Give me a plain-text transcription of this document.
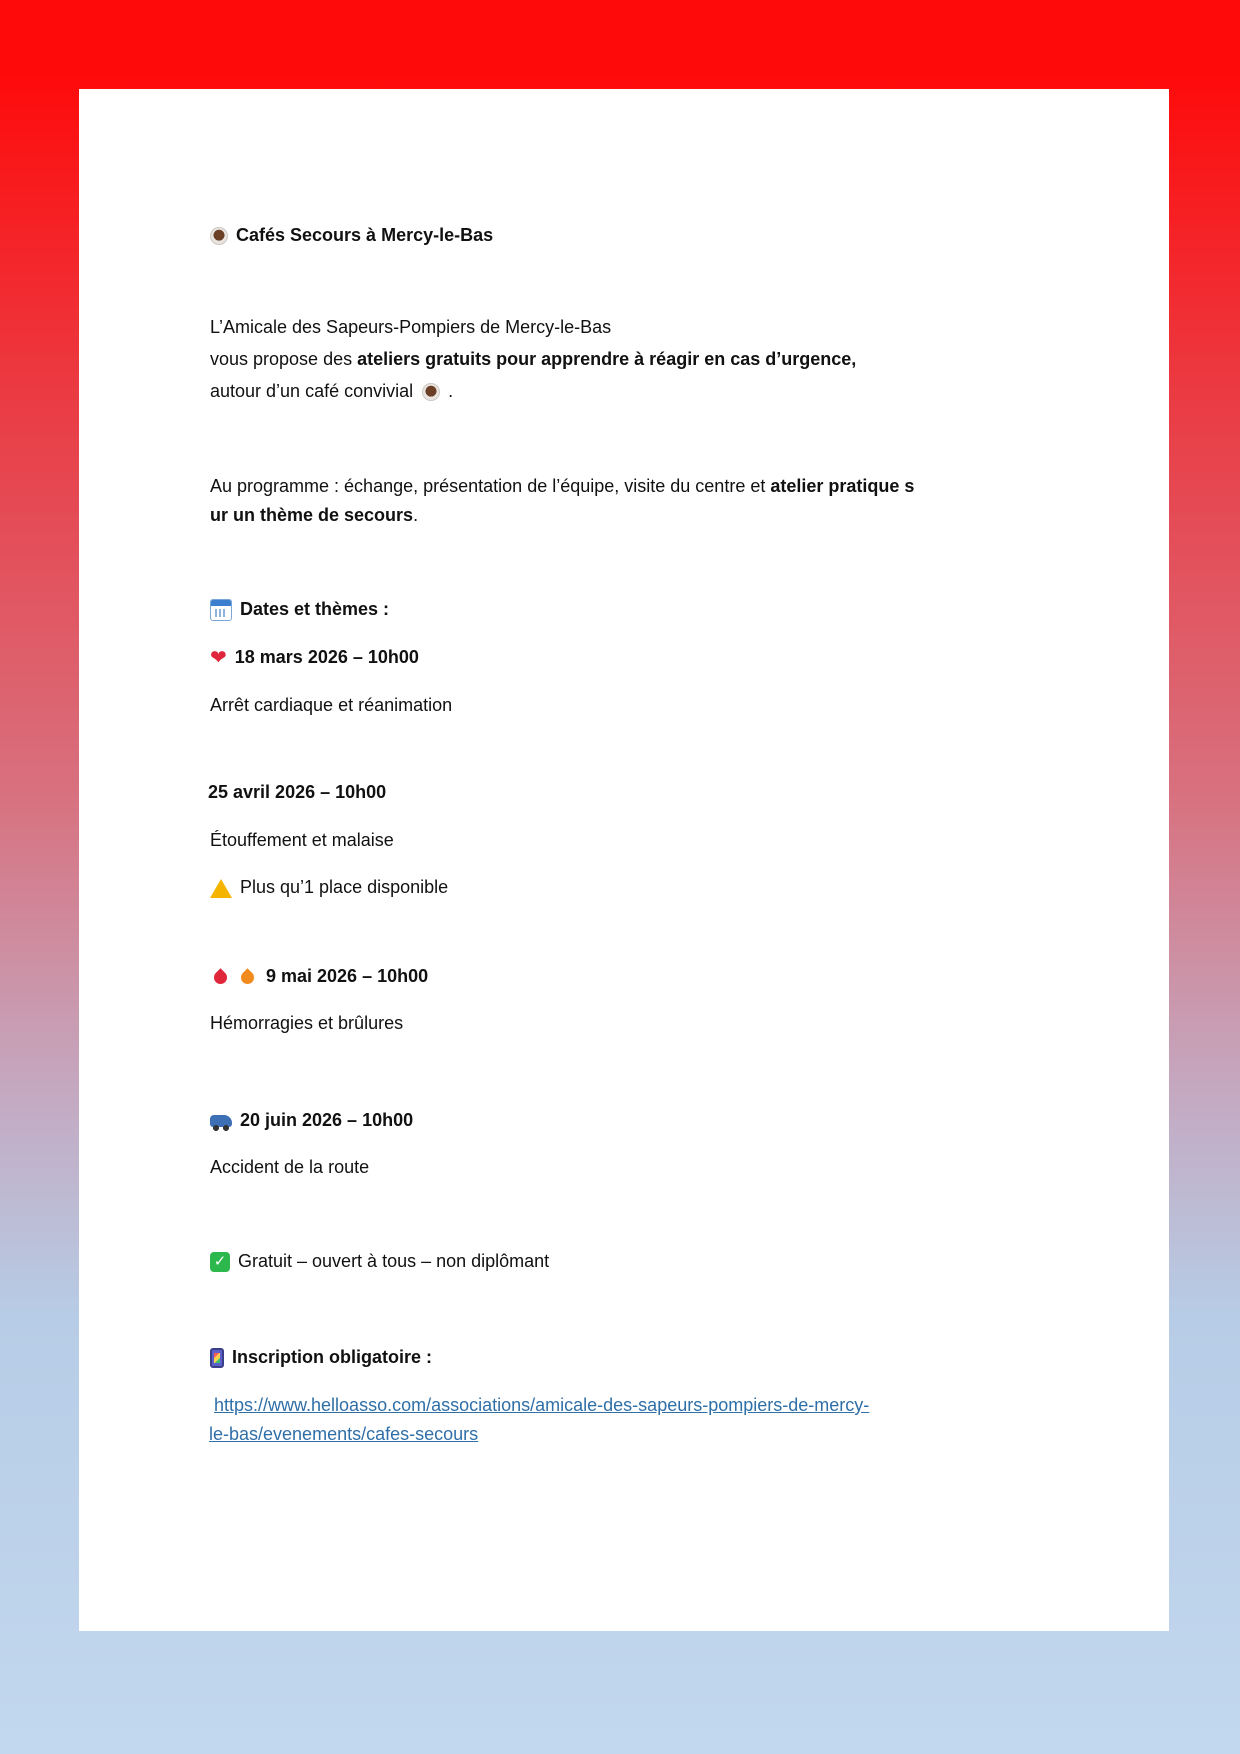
Cafés Secours à Mercy-le-Bas
L’Amicale des Sapeurs-Pompiers de Mercy-le-Bas
vous propose des ateliers gratuits pour apprendre à réagir en cas d’urgence,
autour d’un café convivial .
Au programme : échange, présentation de l’équipe, visite du centre et atelier pratique s
ur un thème de secours.
Dates et thèmes :
❤ 18 mars 2026 – 10h00
Arrêt cardiaque et réanimation
25 avril 2026 – 10h00
Étouffement et malaise
Plus qu’1 place disponible
9 mai 2026 – 10h00
Hémorragies et brûlures
20 juin 2026 – 10h00
Accident de la route
✓ Gratuit – ouvert à tous – non diplômant
Inscription obligatoire :
https://www.helloasso.com/associations/amicale-des-sapeurs-pompiers-de-mercy-
le-bas/evenements/cafes-secours
